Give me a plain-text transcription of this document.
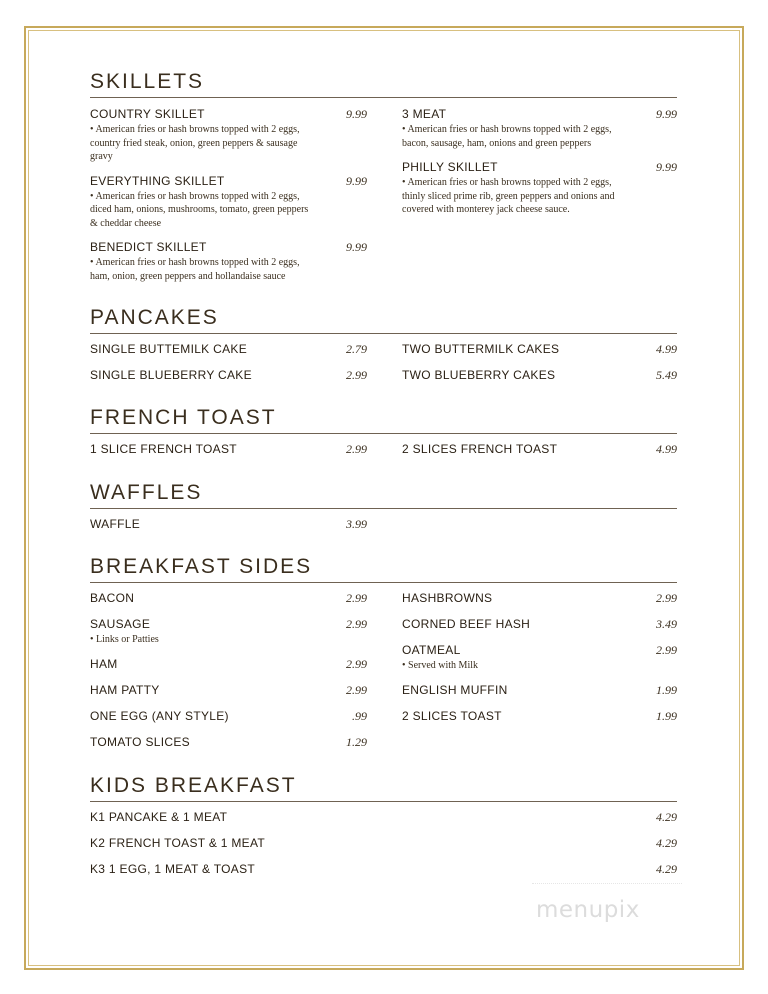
SKILLETS
COUNTRY SKILLET	9.99
• American fries or hash browns topped with 2 eggs, country fried steak, onion, green peppers & sausage gravy
EVERYTHING SKILLET	9.99
• American fries or hash browns topped with 2 eggs, diced ham, onions, mushrooms, tomato, green peppers & cheddar cheese
BENEDICT SKILLET	9.99
• American fries or hash browns topped with 2 eggs, ham, onion, green peppers and hollandaise sauce
3 MEAT	9.99
• American fries or hash browns topped with 2 eggs, bacon, sausage, ham, onions and green peppers
PHILLY SKILLET	9.99
• American fries or hash browns topped with 2 eggs, thinly sliced prime rib, green peppers and onions and covered with monterey jack cheese sauce.
PANCAKES
SINGLE BUTTEMILK CAKE	2.79
SINGLE BLUEBERRY CAKE	2.99
TWO BUTTERMILK CAKES	4.99
TWO BLUEBERRY CAKES	5.49
FRENCH TOAST
1 SLICE FRENCH TOAST	2.99	2 SLICES FRENCH TOAST	4.99
WAFFLES
WAFFLE	3.99
BREAKFAST SIDES
BACON	2.99
SAUSAGE	2.99
• Links or Patties
HAM	2.99
HAM PATTY	2.99
ONE EGG (ANY STYLE)	.99
TOMATO SLICES	1.29
HASHBROWNS	2.99
CORNED BEEF HASH	3.49
OATMEAL	2.99
• Served with Milk
ENGLISH MUFFIN	1.99
2 SLICES TOAST	1.99
KIDS BREAKFAST
K1 PANCAKE & 1 MEAT	4.29
K2 FRENCH TOAST & 1 MEAT	4.29
K3 1 EGG, 1 MEAT & TOAST	4.29
menupix
